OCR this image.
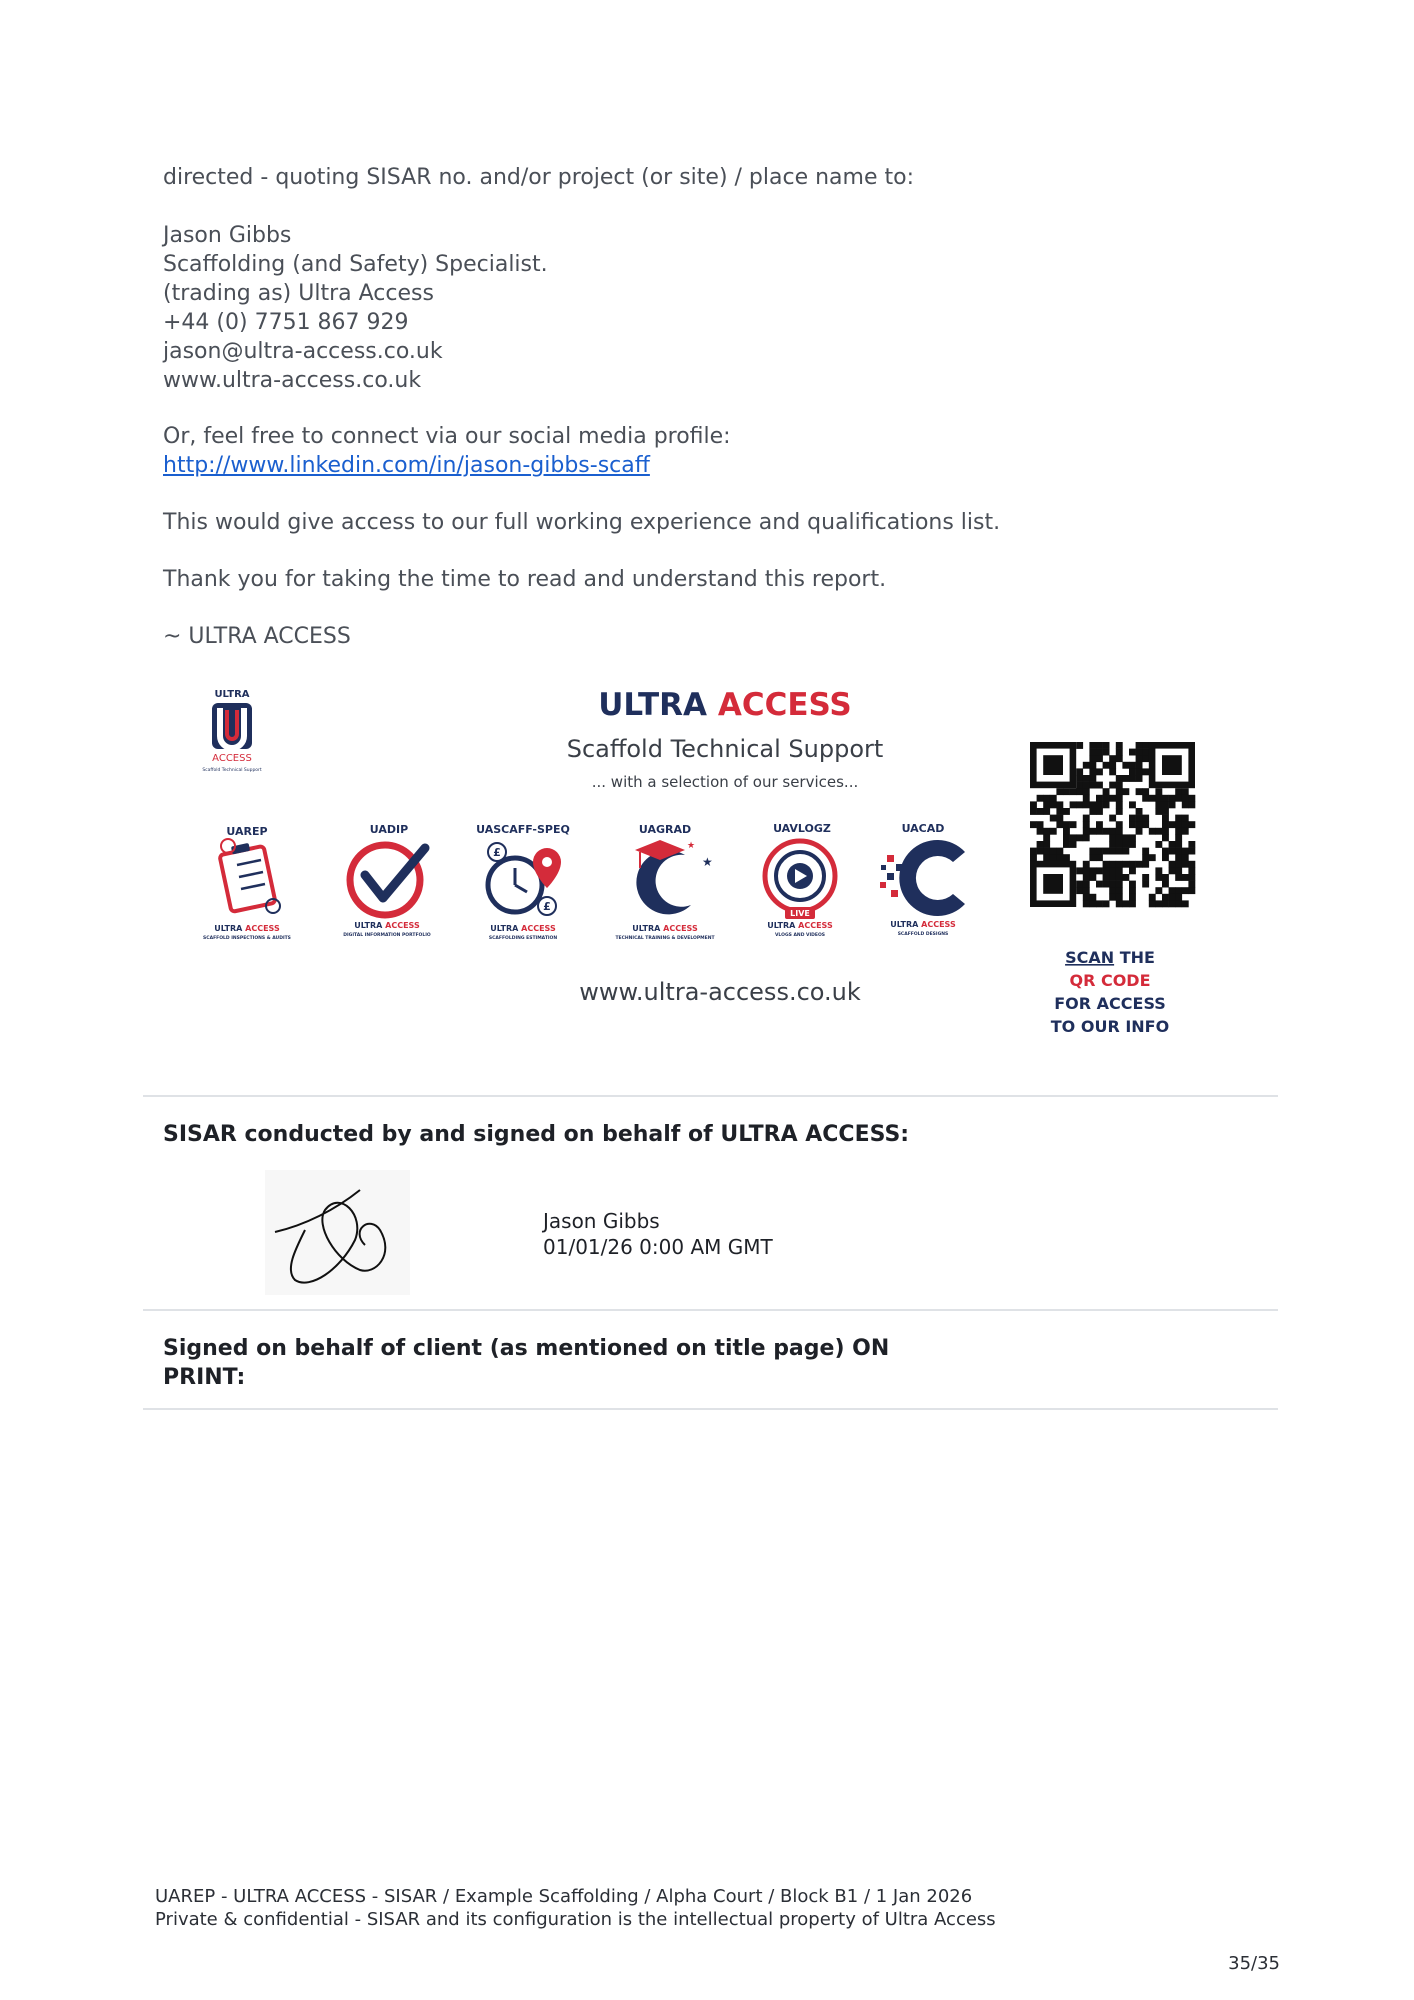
directed - quoting SISAR no. and/or project (or site) / place name to:

Jason Gibbs
Scaffolding (and Safety) Specialist.
(trading as) Ultra Access
+44 (0) 7751 867 929
jason@ultra-access.co.uk
www.ultra-access.co.uk
Or, feel free to connect via our social media profile:
http://www.linkedin.com/in/jason-gibbs-scaff

This would give access to our full working experience and qualifications list.

Thank you for taking the time to read and understand this report.

~ ULTRA ACCESS

ULTRA
ACCESS
Scaffold Technical Support
ULTRA ACCESS
Scaffold Technical Support
... with a selection of our services...
SCAN THE
QR CODE
FOR ACCESS
TO OUR INFO
UAREP
ULTRA ACCESS
SCAFFOLD INSPECTIONS & AUDITS
UADIP
ULTRA ACCESS
DIGITAL INFORMATION PORTFOLIO
UASCAFF-SPEQ
£
£
ULTRA ACCESS
SCAFFOLDING ESTIMATION
UAGRAD
★
★
ULTRA ACCESS
TECHNICAL TRAINING & DEVELOPMENT
UAVLOGZ
LIVE
ULTRA ACCESS
VLOGS AND VIDEOS
UACAD
ULTRA ACCESS
SCAFFOLD DESIGNS
www.ultra-access.co.uk
SISAR conducted by and signed on behalf of ULTRA ACCESS:
Jason Gibbs
01/01/26 0:00 AM GMT
Signed on behalf of client (as mentioned on title page) ON
PRINT:
UAREP - ULTRA ACCESS - SISAR / Example Scaffolding / Alpha Court / Block B1 / 1 Jan 2026
Private & confidential - SISAR and its configuration is the intellectual property of Ultra Access
35/35
